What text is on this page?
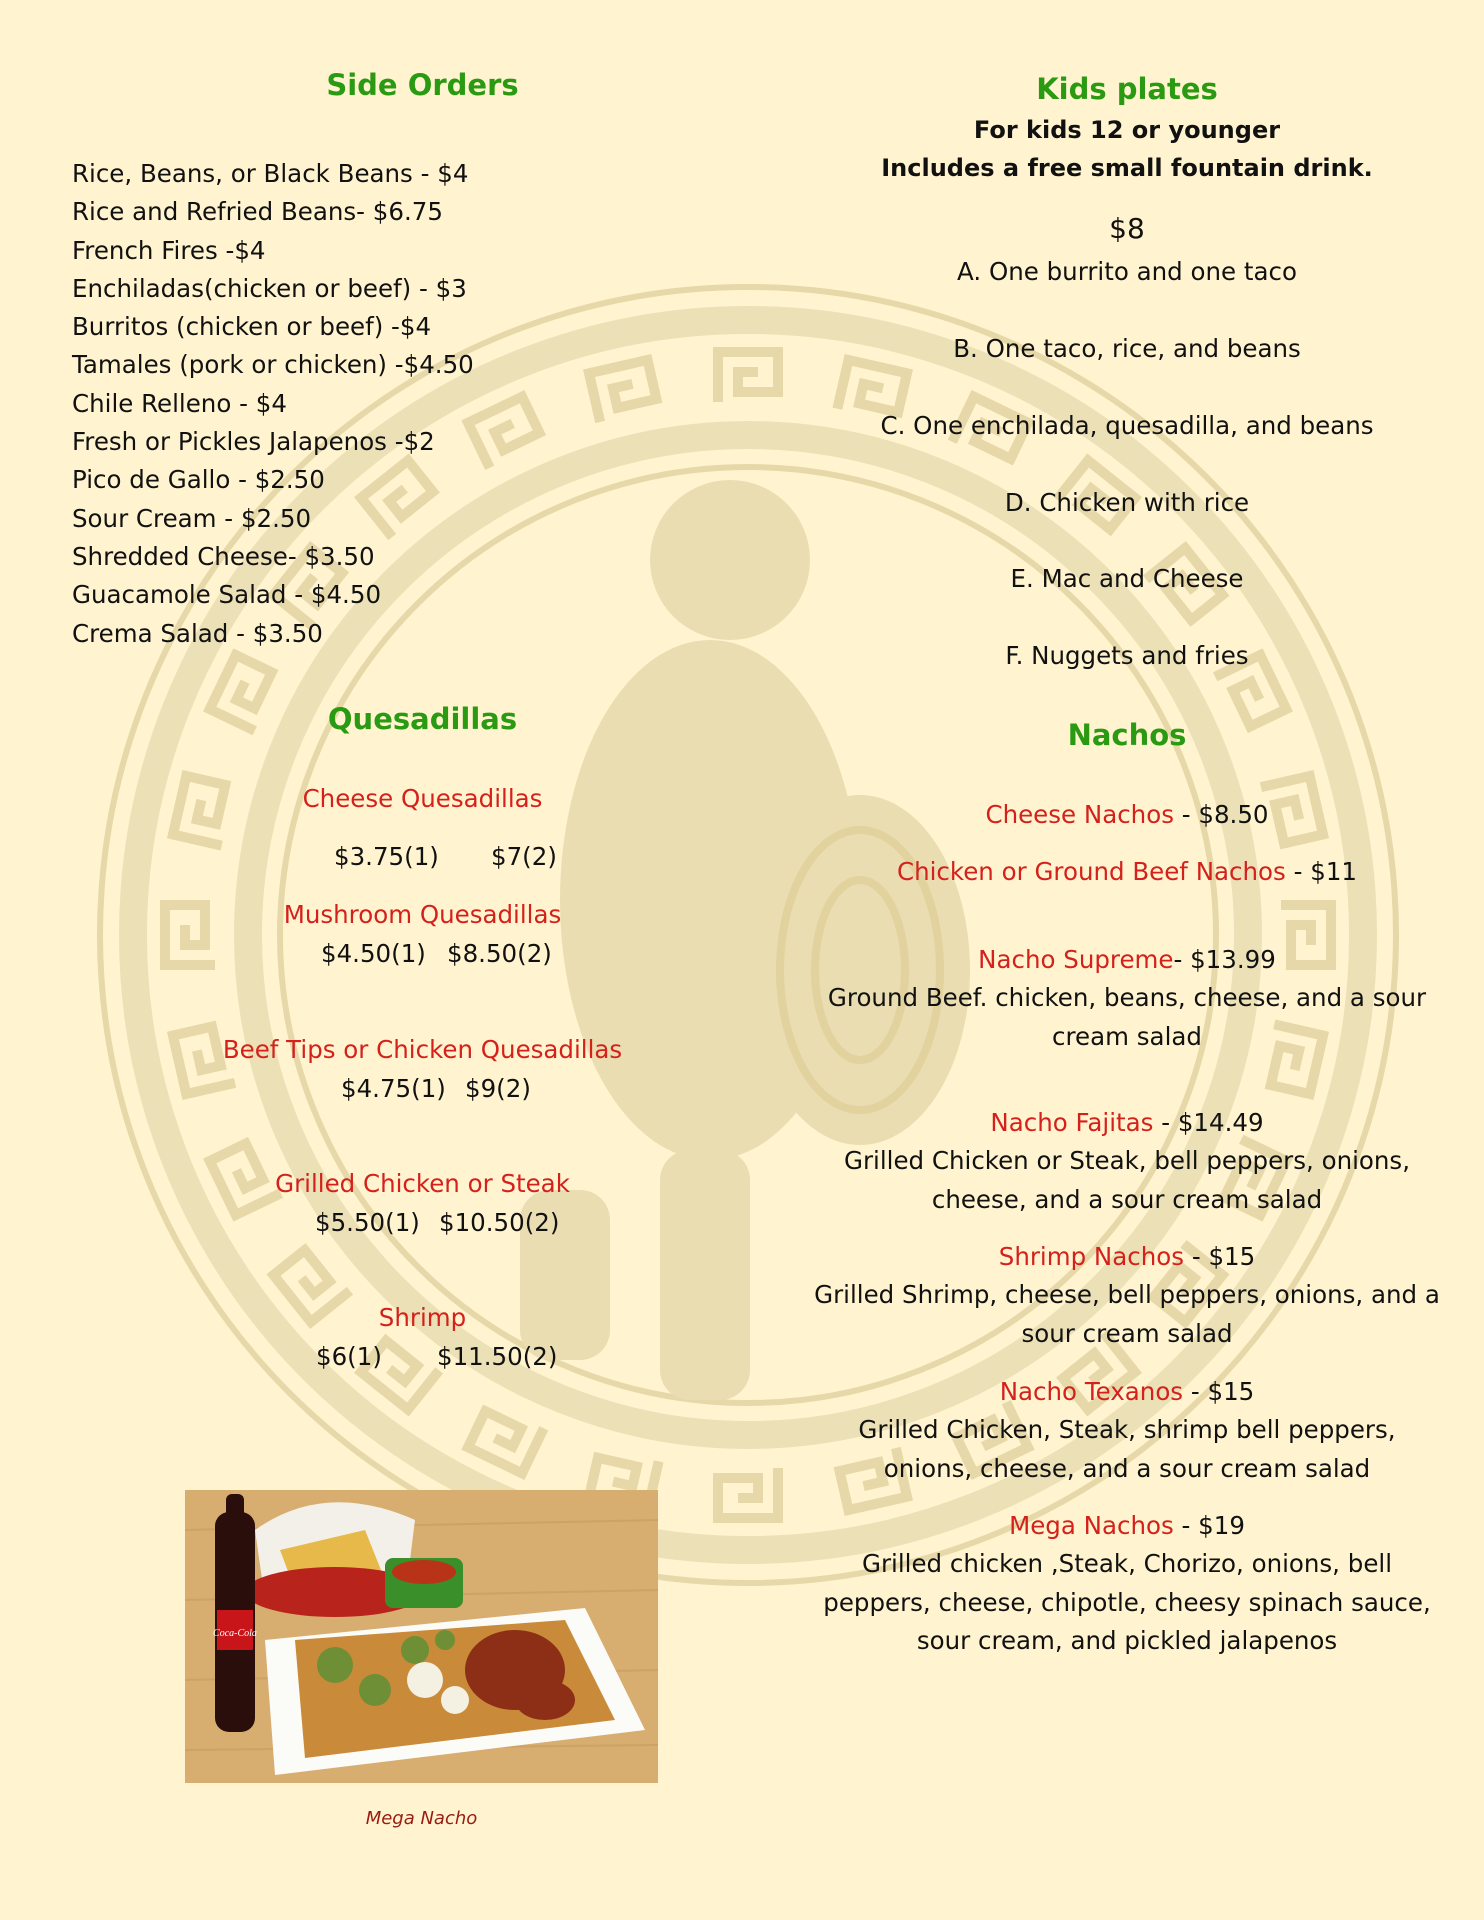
Side Orders
Rice, Beans, or Black Beans - $4
Rice and Refried Beans- $6.75
French Fires -$4
Enchiladas(chicken or beef) - $3
Burritos (chicken or beef) -$4
Tamales (pork or chicken) -$4.50
Chile Relleno - $4
Fresh or Pickles Jalapenos -$2
Pico de Gallo - $2.50
Sour Cream - $2.50
Shredded Cheese- $3.50
Guacamole Salad - $4.50
Crema Salad - $3.50
Quesadillas
Cheese Quesadillas
$3.75(1) $7(2)
Mushroom Quesadillas
$4.50(1) $8.50(2)
Beef Tips or Chicken Quesadillas
$4.75(1) $9(2)
Grilled Chicken or Steak
$5.50(1) $10.50(2)
Shrimp
$6(1) $11.50(2)
Coca-Cola
Mega Nacho
Kids plates
For kids 12 or younger
Includes a free small fountain drink.
$8
A. One burrito and one taco
B. One taco, rice, and beans
C. One enchilada, quesadilla, and beans
D. Chicken with rice
E. Mac and Cheese
F. Nuggets and fries
Nachos
Cheese Nachos - $8.50
Chicken or Ground Beef Nachos - $11
Nacho Supreme- $13.99
Ground Beef. chicken, beans, cheese, and a sour
cream salad
Nacho Fajitas - $14.49
Grilled Chicken or Steak, bell peppers, onions,
cheese, and a sour cream salad
Shrimp Nachos - $15
Grilled Shrimp, cheese, bell peppers, onions, and a
sour cream salad
Nacho Texanos - $15
Grilled Chicken, Steak, shrimp bell peppers,
onions, cheese, and a sour cream salad
Mega Nachos - $19
Grilled chicken ,Steak, Chorizo, onions, bell
peppers, cheese, chipotle, cheesy spinach sauce,
sour cream, and pickled jalapenos
